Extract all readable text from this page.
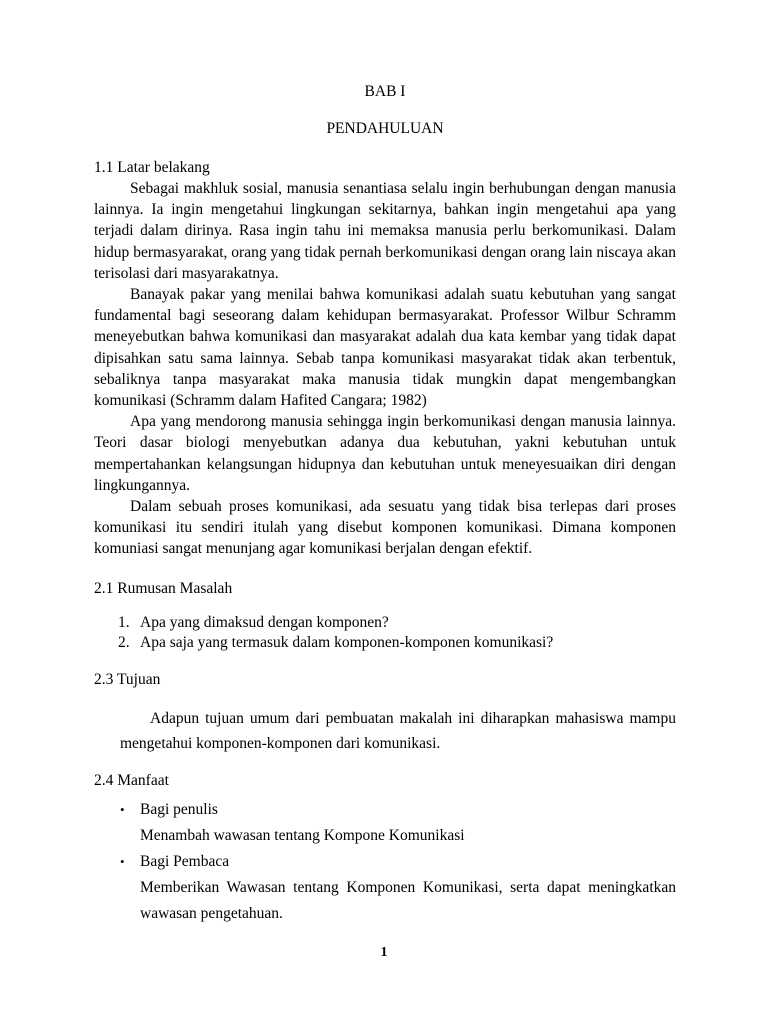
BAB I

PENDAHULUAN

1.1 Latar belakang

Sebagai makhluk sosial, manusia senantiasa selalu ingin berhubungan dengan manusia lainnya. Ia ingin mengetahui lingkungan sekitarnya, bahkan ingin mengetahui apa yang terjadi dalam dirinya. Rasa ingin tahu ini memaksa manusia perlu berkomunikasi. Dalam hidup bermasyarakat, orang yang tidak pernah berkomunikasi dengan orang lain niscaya akan terisolasi dari masyarakatnya.

Banayak pakar yang menilai bahwa komunikasi adalah suatu kebutuhan yang sangat fundamental bagi seseorang dalam kehidupan bermasyarakat. Professor Wilbur Schramm meneyebutkan bahwa komunikasi dan masyarakat adalah dua kata kembar yang tidak dapat dipisahkan satu sama lainnya. Sebab tanpa komunikasi masyarakat tidak akan terbentuk, sebaliknya tanpa masyarakat maka manusia tidak mungkin dapat mengembangkan komunikasi (Schramm dalam Hafited Cangara; 1982)

Apa yang mendorong manusia sehingga ingin berkomunikasi dengan manusia lainnya. Teori dasar biologi menyebutkan adanya dua kebutuhan, yakni kebutuhan untuk mempertahankan kelangsungan hidupnya dan kebutuhan untuk meneyesuaikan diri dengan lingkungannya.

Dalam sebuah proses komunikasi, ada sesuatu yang tidak bisa terlepas dari proses komunikasi itu sendiri itulah yang disebut komponen komunikasi. Dimana komponen komuniasi sangat menunjang agar komunikasi berjalan dengan efektif.

2.1 Rumusan Masalah

1. Apa yang dimaksud dengan komponen?
2. Apa saja yang termasuk dalam komponen-komponen komunikasi?

2.3 Tujuan

Adapun tujuan umum dari pembuatan makalah ini diharapkan mahasiswa mampu mengetahui komponen-komponen dari komunikasi.

2.4 Manfaat

• Bagi penulis

Menambah wawasan tentang Kompone Komunikasi

• Bagi Pembaca

Memberikan Wawasan tentang Komponen Komunikasi, serta dapat meningkatkan wawasan pengetahuan.

1
